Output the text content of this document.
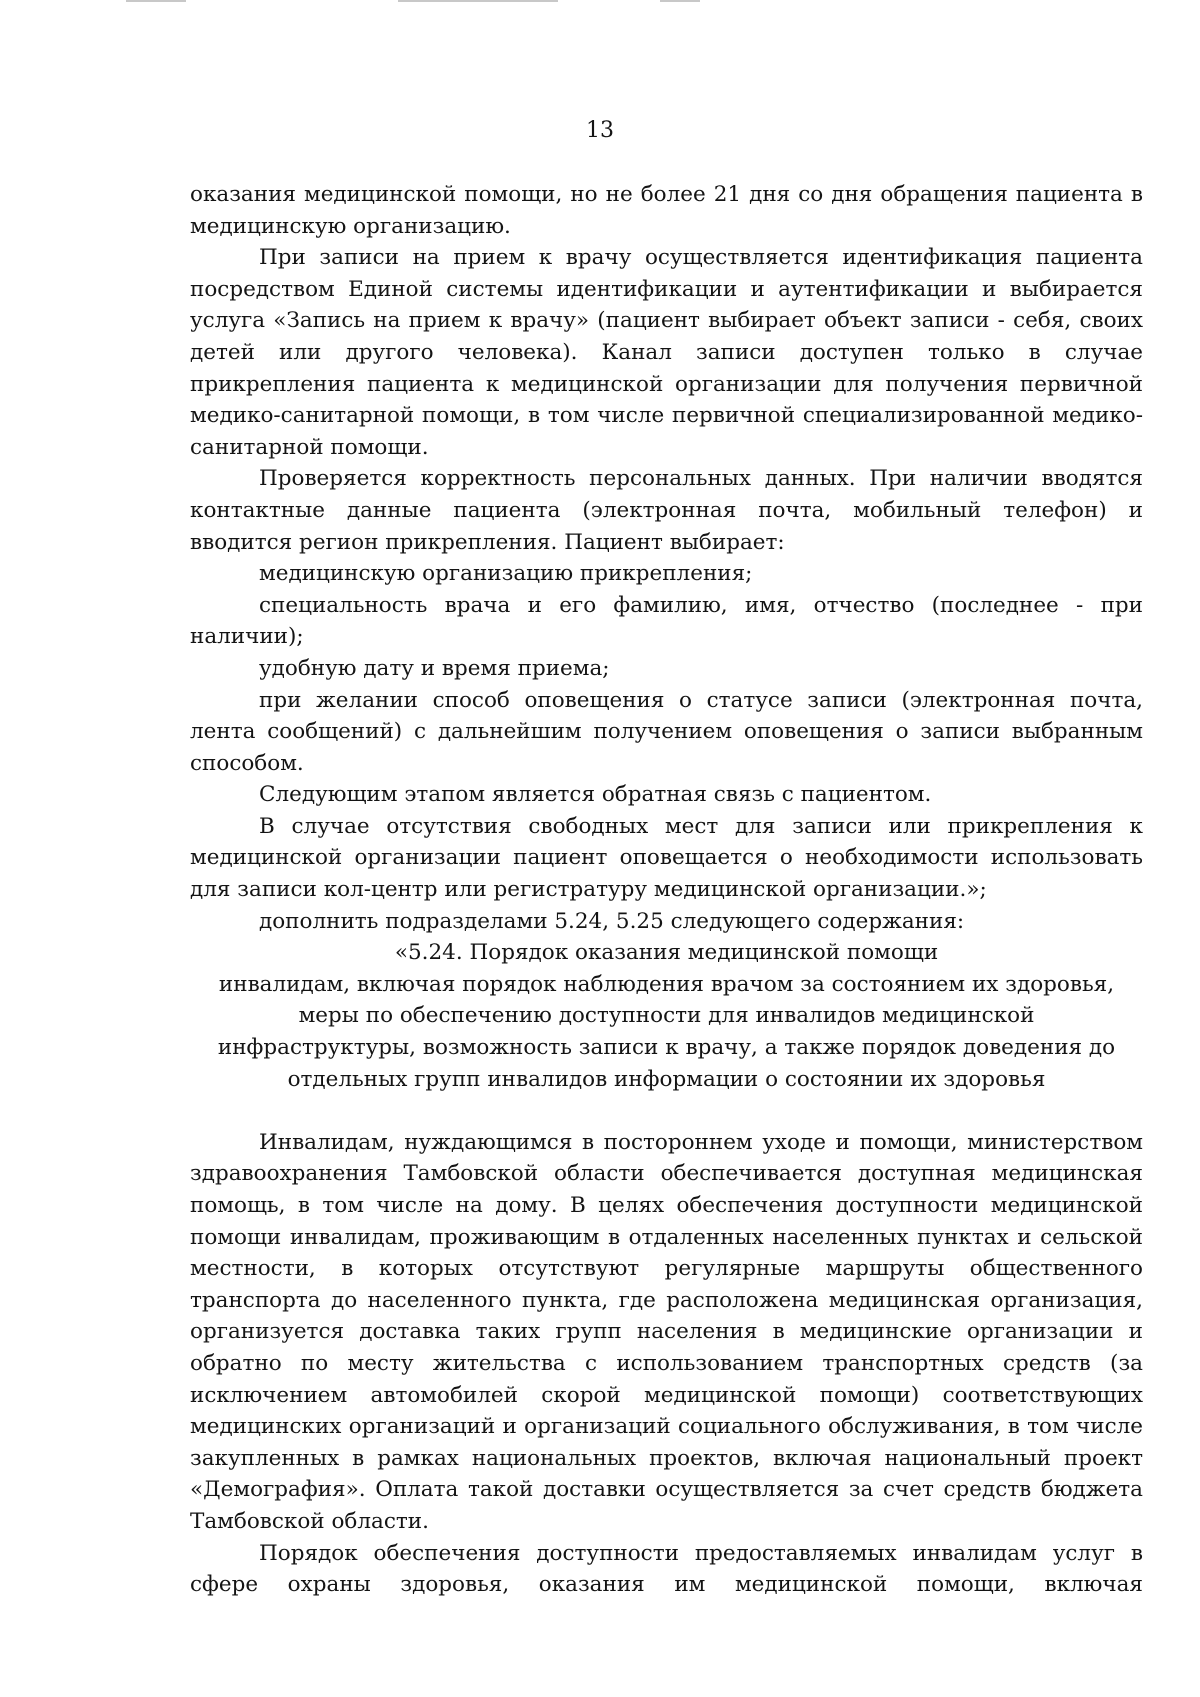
13

оказания медицинской помощи, но не более 21 дня со дня обращения пациента в медицинскую организацию.

При записи на прием к врачу осуществляется идентификация пациента посредством Единой системы идентификации и аутентификации и выбирается услуга «Запись на прием к врачу» (пациент выбирает объект записи - себя, своих детей или другого человека). Канал записи доступен только в случае прикрепления пациента к медицинской организации для получения первичной медико-санитарной помощи, в том числе первичной специализированной медико-санитарной помощи.

Проверяется корректность персональных данных. При наличии вводятся контактные данные пациента (электронная почта, мобильный телефон) и вводится регион прикрепления. Пациент выбирает:

медицинскую организацию прикрепления;

специальность врача и его фамилию, имя, отчество (последнее - при наличии);

удобную дату и время приема;

при желании способ оповещения о статусе записи (электронная почта, лента сообщений) с дальнейшим получением оповещения о записи выбранным способом.

Следующим этапом является обратная связь с пациентом.

В случае отсутствия свободных мест для записи или прикрепления к медицинской организации пациент оповещается о необходимости использовать для записи кол-центр или регистратуру медицинской организации.»;

дополнить подразделами 5.24, 5.25 следующего содержания:

«5.24. Порядок оказания медицинской помощи

инвалидам, включая порядок наблюдения врачом за состоянием их здоровья,

меры по обеспечению доступности для инвалидов медицинской

инфраструктуры, возможность записи к врачу, а также порядок доведения до

отдельных групп инвалидов информации о состоянии их здоровья

Инвалидам, нуждающимся в постороннем уходе и помощи, министерством здравоохранения Тамбовской области обеспечивается доступная медицинская помощь, в том числе на дому. В целях обеспечения доступности медицинской помощи инвалидам, проживающим в отдаленных населенных пунктах и сельской местности, в которых отсутствуют регулярные маршруты общественного транспорта до населенного пункта, где расположена медицинская организация, организуется доставка таких групп населения в медицинские организации и обратно по месту жительства с использованием транспортных средств (за исключением автомобилей скорой медицинской помощи) соответствующих медицинских организаций и организаций социального обслуживания, в том числе закупленных в рамках национальных проектов, включая национальный проект «Демография». Оплата такой доставки осуществляется за счет средств бюджета Тамбовской области.

Порядок обеспечения доступности предоставляемых инвалидам услуг в сфере охраны здоровья, оказания им медицинской помощи, включая
